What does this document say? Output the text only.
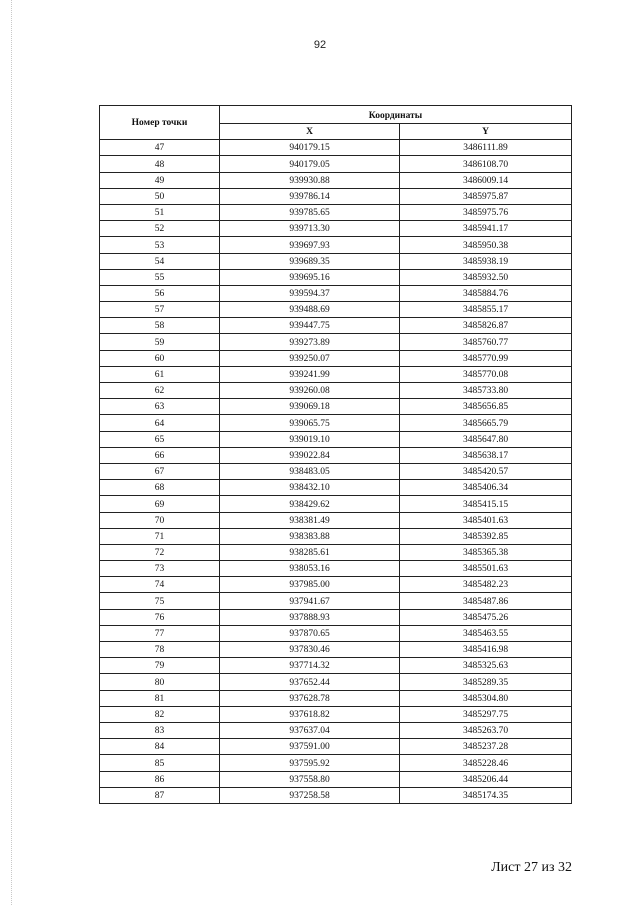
92
Номер точки	Координаты	
	X	Y
47	940179.15	3486111.89
48	940179.05	3486108.70
49	939930.88	3486009.14
50	939786.14	3485975.87
51	939785.65	3485975.76
52	939713.30	3485941.17
53	939697.93	3485950.38
54	939689.35	3485938.19
55	939695.16	3485932.50
56	939594.37	3485884.76
57	939488.69	3485855.17
58	939447.75	3485826.87
59	939273.89	3485760.77
60	939250.07	3485770.99
61	939241.99	3485770.08
62	939260.08	3485733.80
63	939069.18	3485656.85
64	939065.75	3485665.79
65	939019.10	3485647.80
66	939022.84	3485638.17
67	938483.05	3485420.57
68	938432.10	3485406.34
69	938429.62	3485415.15
70	938381.49	3485401.63
71	938383.88	3485392.85
72	938285.61	3485365.38
73	938053.16	3485501.63
74	937985.00	3485482.23
75	937941.67	3485487.86
76	937888.93	3485475.26
77	937870.65	3485463.55
78	937830.46	3485416.98
79	937714.32	3485325.63
80	937652.44	3485289.35
81	937628.78	3485304.80
82	937618.82	3485297.75
83	937637.04	3485263.70
84	937591.00	3485237.28
85	937595.92	3485228.46
86	937558.80	3485206.44
87	937258.58	3485174.35
Лист 27 из 32
